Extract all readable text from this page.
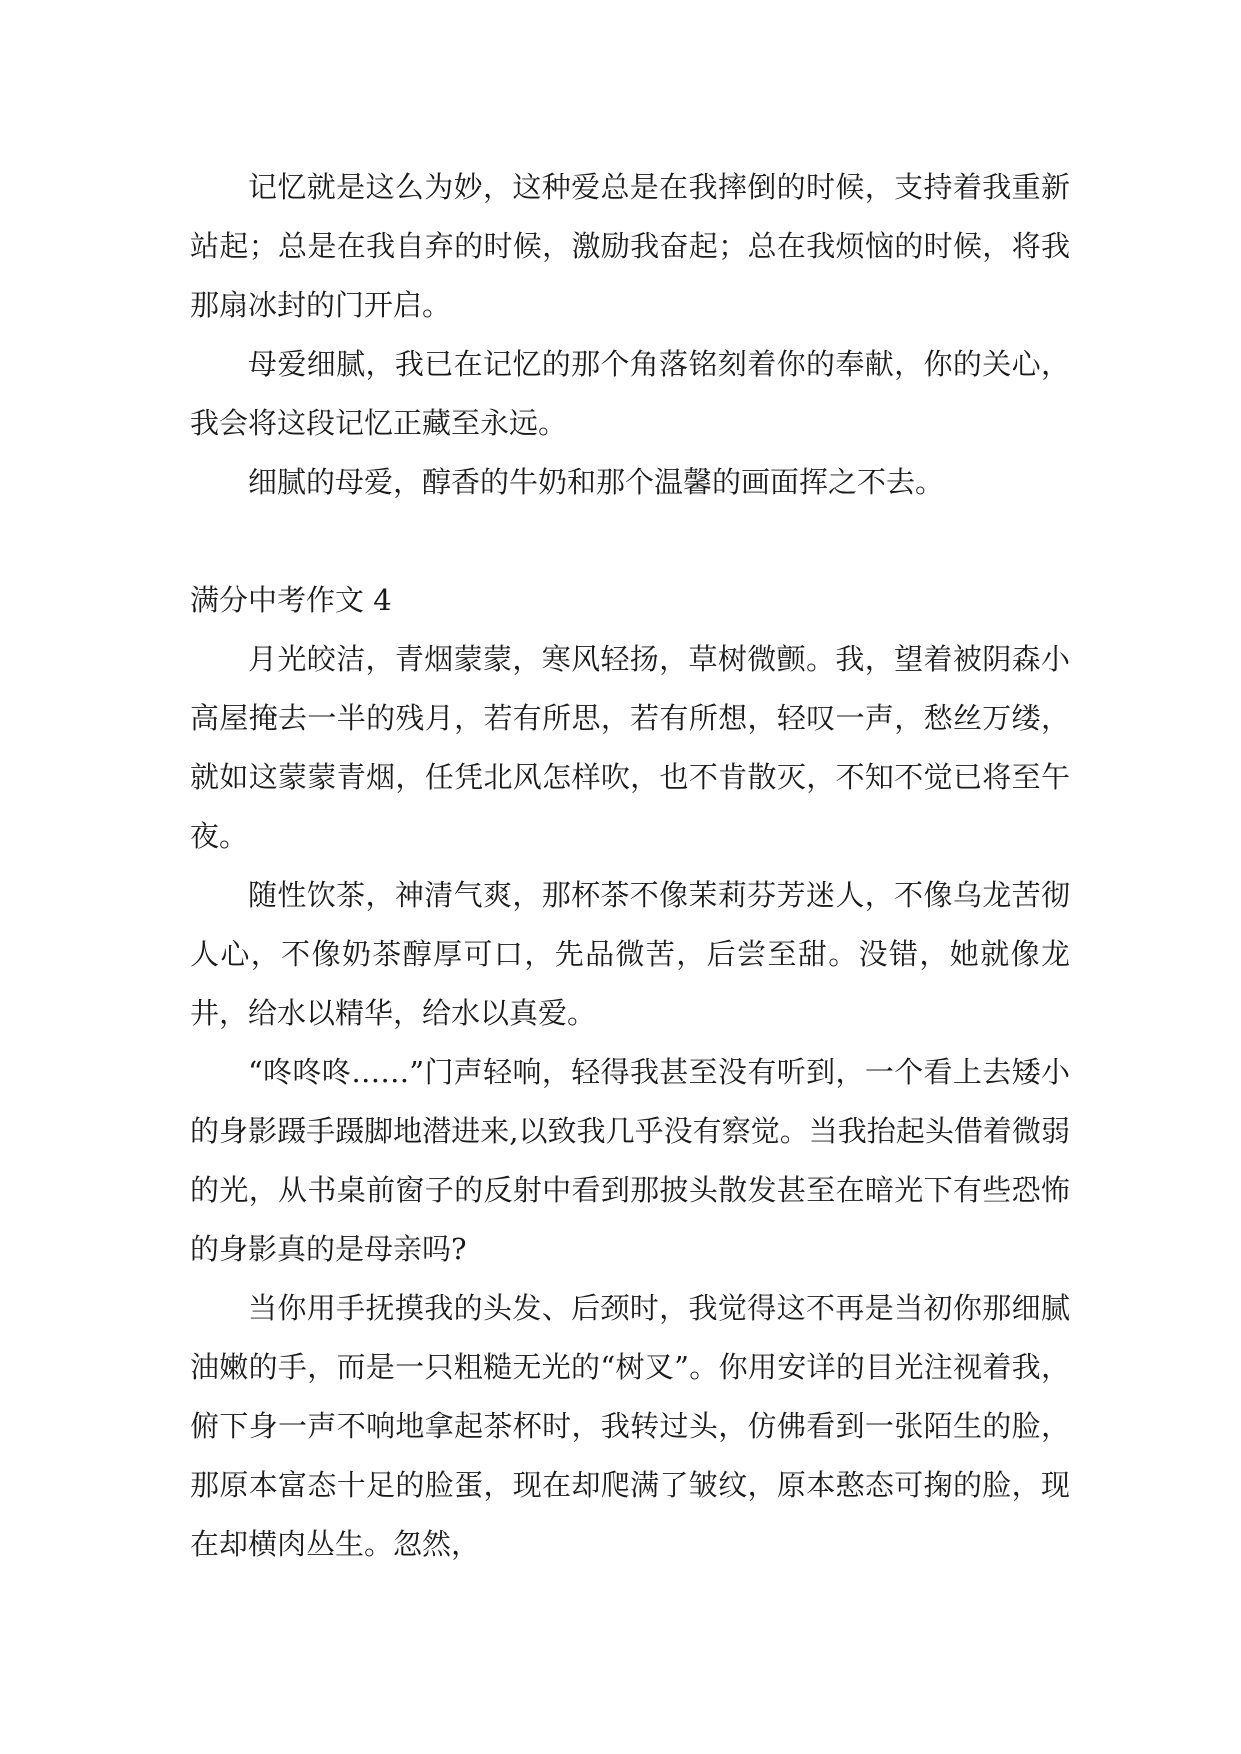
记忆就是这么为妙，这种爱总是在我摔倒的时候，支持着我重新站起；总是在我自弃的时候，激励我奋起；总在我烦恼的时候，将我那扇冰封的门开启。

母爱细腻，我已在记忆的那个角落铭刻着你的奉献，你的关心，我会将这段记忆正藏至永远。

细腻的母爱，醇香的牛奶和那个温馨的画面挥之不去。

满分中考作文 4

月光皎洁，青烟蒙蒙，寒风轻扬，草树微颤。我，望着被阴森小高屋掩去一半的残月，若有所思，若有所想，轻叹一声，愁丝万缕，就如这蒙蒙青烟，任凭北风怎样吹，也不肯散灭，不知不觉已将至午夜。

随性饮茶，神清气爽，那杯茶不像茉莉芬芳迷人，不像乌龙苦彻人心，不像奶茶醇厚可口，先品微苦，后尝至甜。没错，她就像龙井，给水以精华，给水以真爱。

“咚咚咚……”门声轻响，轻得我甚至没有听到，一个看上去矮小的身影蹑手蹑脚地潜进来,以致我几乎没有察觉。当我抬起头借着微弱的光，从书桌前窗子的反射中看到那披头散发甚至在暗光下有些恐怖的身影真的是母亲吗?

当你用手抚摸我的头发、后颈时，我觉得这不再是当初你那细腻油嫩的手，而是一只粗糙无光的“树叉”。你用安详的目光注视着我，俯下身一声不响地拿起茶杯时，我转过头，仿佛看到一张陌生的脸，那原本富态十足的脸蛋，现在却爬满了皱纹，原本憨态可掬的脸，现在却横肉丛生。忽然，
